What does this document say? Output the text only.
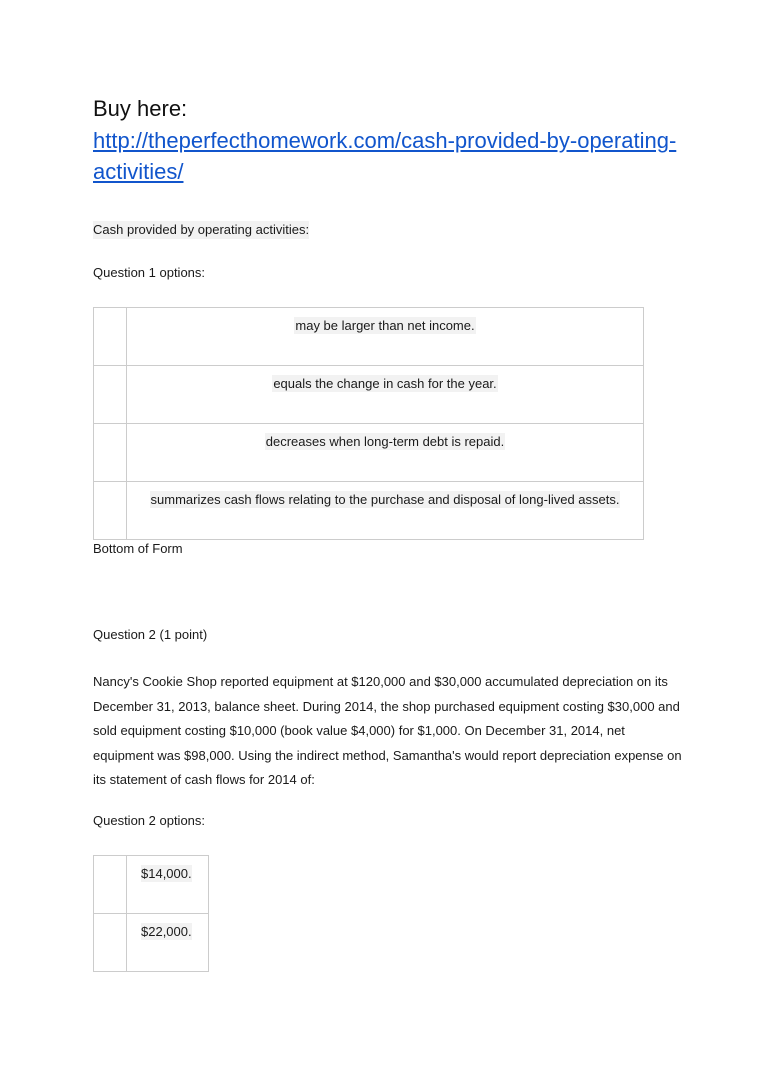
Buy here:
http://theperfecthomework.com/cash-provided-by-operating-activities/
Cash provided by operating activities:
Question 1 options:
	may be larger than net income.
	equals the change in cash for the year.
	decreases when long-term debt is repaid.
	summarizes cash flows relating to the purchase and disposal of long-lived assets.
Bottom of Form
Question 2 (1 point)
Nancy's Cookie Shop reported equipment at $120,000 and $30,000 accumulated depreciation on its December 31, 2013, balance sheet. During 2014, the shop purchased equipment costing $30,000 and sold equipment costing $10,000 (book value $4,000) for $1,000. On December 31, 2014, net equipment was $98,000. Using the indirect method, Samantha's would report depreciation expense on its statement of cash flows for 2014 of:
Question 2 options:
	$14,000.
	$22,000.
